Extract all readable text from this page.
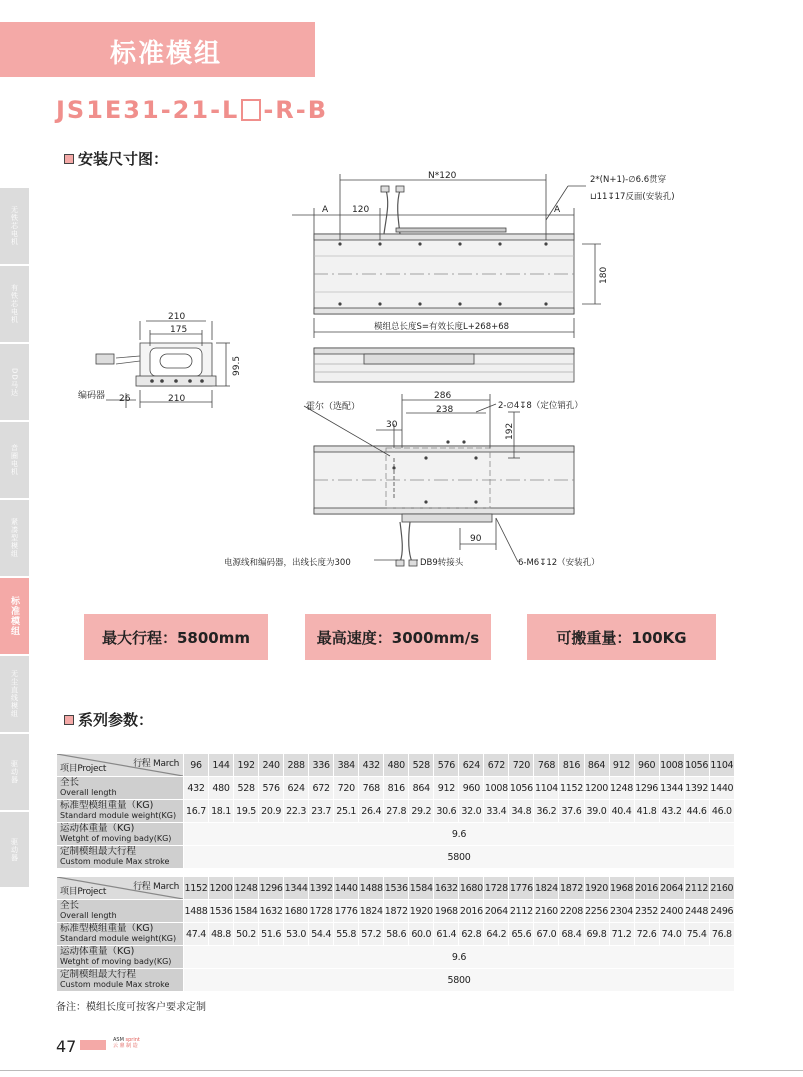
标准模组
JS1E31-21-L -R-B
安装尺寸图：
无铁芯电机
有铁芯电机
DD马达
音圈电机
紧凑型模组
标准模组
无尘直线模组
驱动器
驱动器
N*120
A	120	A
2*(N+1)-∅6.6贯穿
⊔11↧17反面(安装孔)
180
模组总长度S=有效长度L+268+68
210
175
99.5
编码器 26	210
霍尔（选配）
286
238	2-∅4↧8（定位销孔）
30	192
90
6-M6↧12（安装孔）
电源线和编码器，出线长度为300	DB9转接头
最大行程：5800mm	最高速度：3000mm/s	可搬重量：100KG
系列参数：
行程 March
项目Project	96	144	192	240	288	336	384	432	480	528	576	624	672	720	768	816	864	912	960	1008	1056	1104
全长
Overall length	432	480	528	576	624	672	720	768	816	864	912	960	1008	1056	1104	1152	1200	1248	1296	1344	1392	1440
标准型模组重量（KG)
Standard module weight(KG)	16.7	18.1	19.5	20.9	22.3	23.7	25.1	26.4	27.8	29.2	30.6	32.0	33.4	34.8	36.2	37.6	39.0	40.4	41.8	43.2	44.6	46.0
运动体重量（KG)
Wetght of moving bady(KG)	9.6																					
定制模组最大行程
Custom module Max stroke	5800																					
行程 March
项目Project	1152	1200	1248	1296	1344	1392	1440	1488	1536	1584	1632	1680	1728	1776	1824	1872	1920	1968	2016	2064	2112	2160
全长
Overall length	1488	1536	1584	1632	1680	1728	1776	1824	1872	1920	1968	2016	2064	2112	2160	2208	2256	2304	2352	2400	2448	2496
标准型模组重量（KG)
Standard module weight(KG)	47.4	48.8	50.2	51.6	53.0	54.4	55.8	57.2	58.6	60.0	61.4	62.8	64.2	65.6	67.0	68.4	69.8	71.2	72.6	74.0	75.4	76.8
运动体重量（KG)
Wetght of moving bady(KG)	9.6																					
定制模组最大行程
Custom module Max stroke	5800																					
备注：模组长度可按客户要求定制
47	ASM sprint
云 鼎 制 造
